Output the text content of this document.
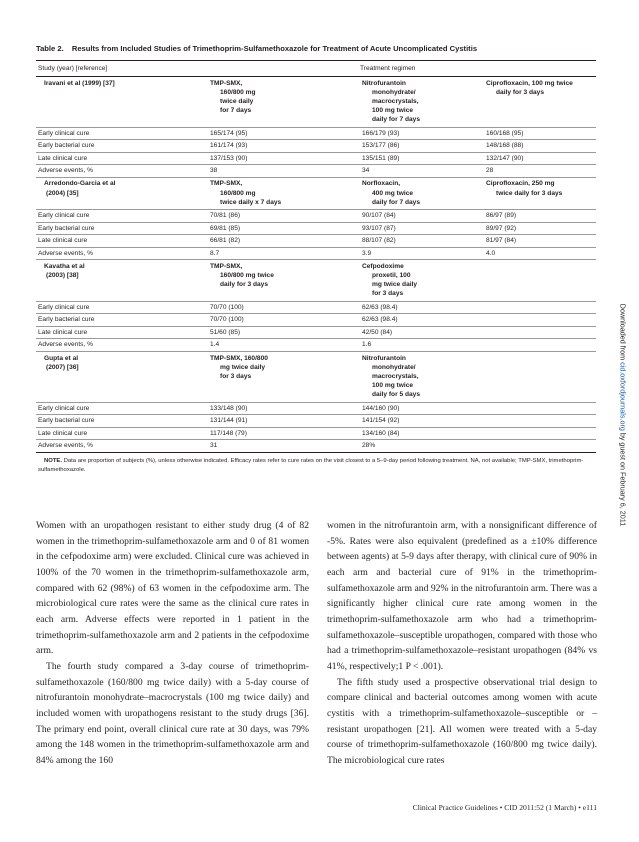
Table 2. Results from Included Studies of Trimethoprim-Sulfamethoxazole for Treatment of Acute Uncomplicated Cystitis
Study (year) [reference]	Treatment regimen
Iravani et al (1999) [37]	TMP-SMX,
160/800 mg
twice daily
for 7 days	Nitrofurantoin
monohydrate/
macrocrystals,
100 mg twice
daily for 7 days	Ciprofloxacin, 100 mg twice
daily for 3 days

Early clinical cure	165/174 (95)	166/179 (93)	160/168 (95)
Early bacterial cure	161/174 (93)	153/177 (86)	148/168 (88)
Late clinical cure	137/153 (90)	135/151 (89)	132/147 (90)
Adverse events, %	38	34	28

Arredondo-Garcia et al
(2004) [35]	TMP-SMX,
160/800 mg
twice daily x 7 days	Norfloxacin,
400 mg twice
daily for 7 days	Ciprofloxacin, 250 mg
twice daily for 3 days

Early clinical cure	70/81 (86)	90/107 (84)	86/97 (89)
Early bacterial cure	69/81 (85)	93/107 (87)	89/97 (92)
Late clinical cure	66/81 (82)	88/107 (82)	81/97 (84)
Adverse events, %	8.7	3.9	4.0

Kavatha et al
(2003) [38]	TMP-SMX,
160/800 mg twice
daily for 3 days	Cefpodoxime
proxetil, 100
mg twice daily
for 3 days	

Early clinical cure	70/70 (100)	62/63 (98.4)	
Early bacterial cure	70/70 (100)	62/63 (98.4)	
Late clinical cure	51/60 (85)	42/50 (84)	
Adverse events, %	1.4	1.6	

Gupta et al
(2007) [36]	TMP-SMX, 160/800
mg twice daily
for 3 days	Nitrofurantoin
monohydrate/
macrocrystals,
100 mg twice
daily for 5 days	

Early clinical cure	133/148 (90)	144/160 (90)	
Early bacterial cure	131/144 (91)	141/154 (92)	
Late clinical cure	117/148 (79)	134/160 (84)	
Adverse events, %	31	28%	
NOTE. Data are proportion of subjects (%), unless otherwise indicated. Efficacy rates refer to cure rates on the visit closest to a 5–9-day period following treatment. NA, not available; TMP-SMX, trimethoprim-sulfamethoxazole.

Women with an uropathogen resistant to either study drug (4 of 82 women in the trimethoprim-sulfamethoxazole arm and 0 of 81 women in the cefpodoxime arm) were excluded. Clinical cure was achieved in 100% of the 70 women in the trimethoprim-sulfamethoxazole arm, compared with 62 (98%) of 63 women in the cefpodoxime arm. The microbiological cure rates were the same as the clinical cure rates in each arm. Adverse effects were reported in 1 patient in the trimethoprim-sulfamethoxazole arm and 2 patients in the cefpodoxime arm.

The fourth study compared a 3-day course of trimethoprim-sulfamethoxazole (160/800 mg twice daily) with a 5-day course of nitrofurantoin monohydrate–macrocrystals (100 mg twice daily) and included women with uropathogens resistant to the study drugs [36]. The primary end point, overall clinical cure rate at 30 days, was 79% among the 148 women in the trimethoprim-sulfamethoxazole arm and 84% among the 160

women in the nitrofurantoin arm, with a nonsignificant difference of -5%. Rates were also equivalent (predefined as a ±10% difference between agents) at 5-9 days after therapy, with clinical cure of 90% in each arm and bacterial cure of 91% in the trimethoprim-sulfamethoxazole arm and 92% in the nitrofurantoin arm. There was a significantly higher clinical cure rate among women in the trimethoprim-sulfamethoxazole arm who had a trimethoprim-sulfamethoxazole–susceptible uropathogen, compared with those who had a trimethoprim-sulfamethoxazole–resistant uropathogen (84% vs 41%, respectively;1 P < .001).

The fifth study used a prospective observational trial design to compare clinical and bacterial outcomes among women with acute cystitis with a trimethoprim-sulfamethoxazole–susceptible or –resistant uropathogen [21]. All women were treated with a 5-day course of trimethoprim-sulfamethoxazole (160/800 mg twice daily). The microbiological cure rates

Clinical Practice Guidelines • CID 2011:52 (1 March) • e111
Downloaded from cid.oxfordjournals.org by guest on February 6, 2011
